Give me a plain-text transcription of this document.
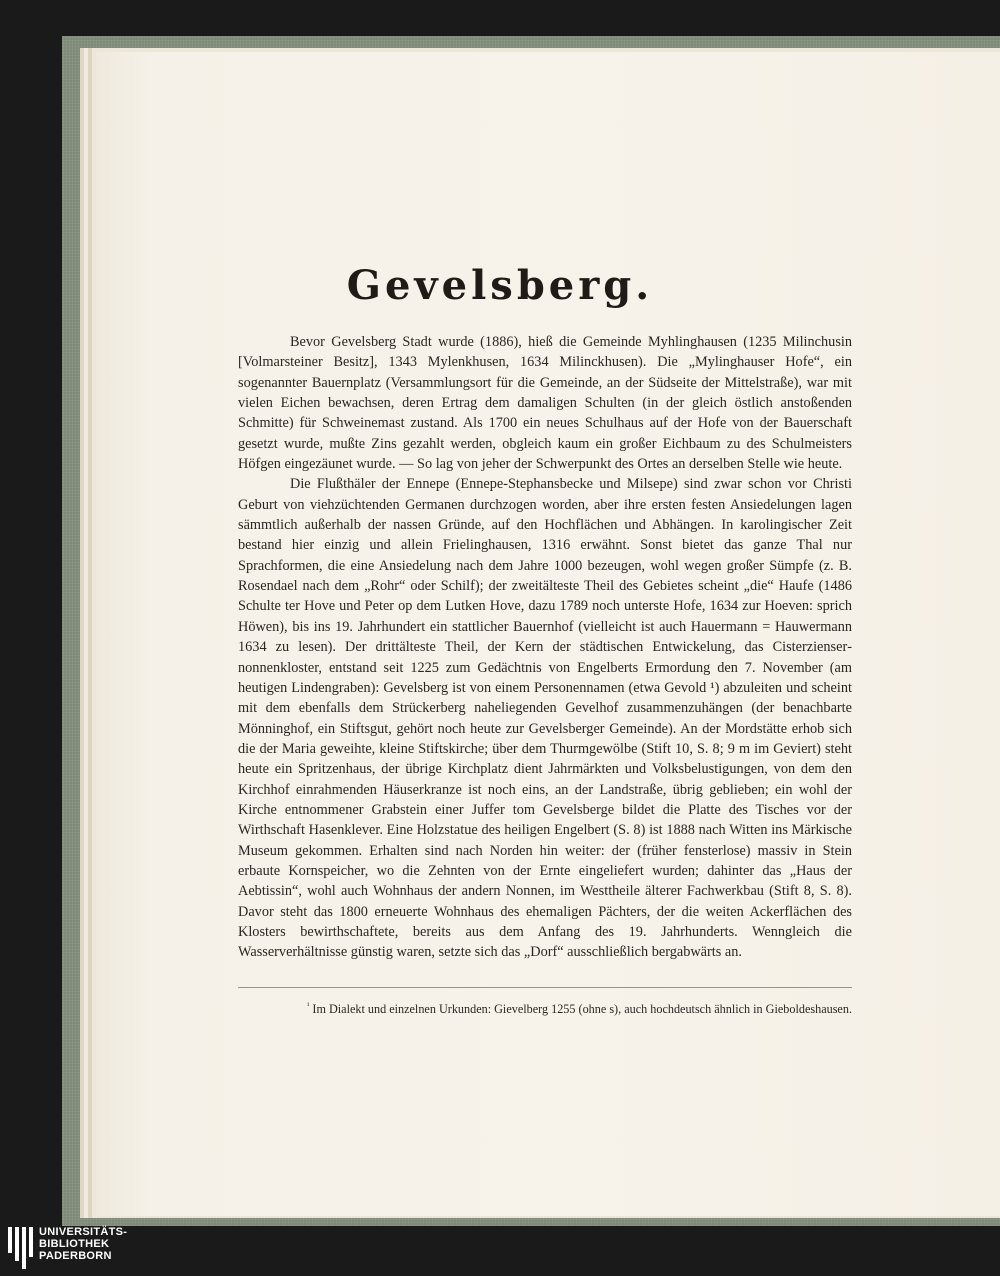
Gevelsberg.

Bevor Gevelsberg Stadt wurde (1886), hieß die Gemeinde Myhlinghausen (1235 Milinchusin [Volmarsteiner Besitz], 1343 Mylenkhusen, 1634 Milinckhusen). Die „Mylinghauser Hofe“, ein sogenannter Bauernplatz (Versammlungsort für die Gemeinde, an der Südseite der Mittelstraße), war mit vielen Eichen bewachsen, deren Ertrag dem damaligen Schulten (in der gleich östlich anstoßenden Schmitte) für Schweinemast zustand. Als 1700 ein neues Schulhaus auf der Hofe von der Bauerschaft gesetzt wurde, mußte Zins gezahlt werden, obgleich kaum ein großer Eichbaum zu des Schulmeisters Höfgen eingezäunet wurde. — So lag von jeher der Schwerpunkt des Ortes an derselben Stelle wie heute.

Die Flußthäler der Ennepe (Ennepe-Stephansbecke und Milsepe) sind zwar schon vor Christi Geburt von viehzüchtenden Germanen durchzogen worden, aber ihre ersten festen Ansiedelungen lagen sämmtlich außerhalb der nassen Gründe, auf den Hochflächen und Abhängen. In karolingischer Zeit bestand hier einzig und allein Frielinghausen, 1316 erwähnt. Sonst bietet das ganze Thal nur Sprachformen, die eine Ansiedelung nach dem Jahre 1000 bezeugen, wohl wegen großer Sümpfe (z. B. Rosendael nach dem „Rohr“ oder Schilf); der zweitälteste Theil des Gebietes scheint „die“ Haufe (1486 Schulte ter Hove und Peter op dem Lutken Hove, dazu 1789 noch unterste Hofe, 1634 zur Hoeven: sprich Höwen), bis ins 19. Jahrhundert ein stattlicher Bauernhof (vielleicht ist auch Hauermann = Hauwermann 1634 zu lesen). Der drittälteste Theil, der Kern der städtischen Entwickelung, das Cisterziensernonnenkloster, entstand seit 1225 zum Gedächtnis von Engelberts Ermordung den 7. November (am heutigen Lindengraben): Gevelsberg ist von einem Personennamen (etwa Gevold ¹) abzuleiten und scheint mit dem ebenfalls dem Strückerberg naheliegenden Gevelhof zusammenzuhängen (der benachbarte Mönninghof, ein Stiftsgut, gehört noch heute zur Gevelsberger Gemeinde). An der Mordstätte erhob sich die der Maria geweihte, kleine Stiftskirche; über dem Thurmgewölbe (Stift 10, S. 8; 9 m im Geviert) steht heute ein Spritzenhaus, der übrige Kirchplatz dient Jahrmärkten und Volksbelustigungen, von dem den Kirchhof einrahmenden Häuserkranze ist noch eins, an der Landstraße, übrig geblieben; ein wohl der Kirche entnommener Grabstein einer Juffer tom Gevelsberge bildet die Platte des Tisches vor der Wirthschaft Hasenklever. Eine Holzstatue des heiligen Engelbert (S. 8) ist 1888 nach Witten ins Märkische Museum gekommen. Erhalten sind nach Norden hin weiter: der (früher fensterlose) massiv in Stein erbaute Kornspeicher, wo die Zehnten von der Ernte eingeliefert wurden; dahinter das „Haus der Aebtissin“, wohl auch Wohnhaus der andern Nonnen, im Westtheile älterer Fachwerkbau (Stift 8, S. 8). Davor steht das 1800 erneuerte Wohnhaus des ehemaligen Pächters, der die weiten Ackerflächen des Klosters bewirthschaftete, bereits aus dem Anfang des 19. Jahrhunderts. Wenngleich die Wasserverhältnisse günstig waren, setzte sich das „Dorf“ ausschließlich bergabwärts an.

$^{^1}$ Im Dialekt und einzelnen Urkunden: Gievelberg 1255 (ohne s), auch hochdeutsch ähnlich in Gieboldeshausen.
UNIVERSITÄTS-
BIBLIOTHEK
PADERBORN
